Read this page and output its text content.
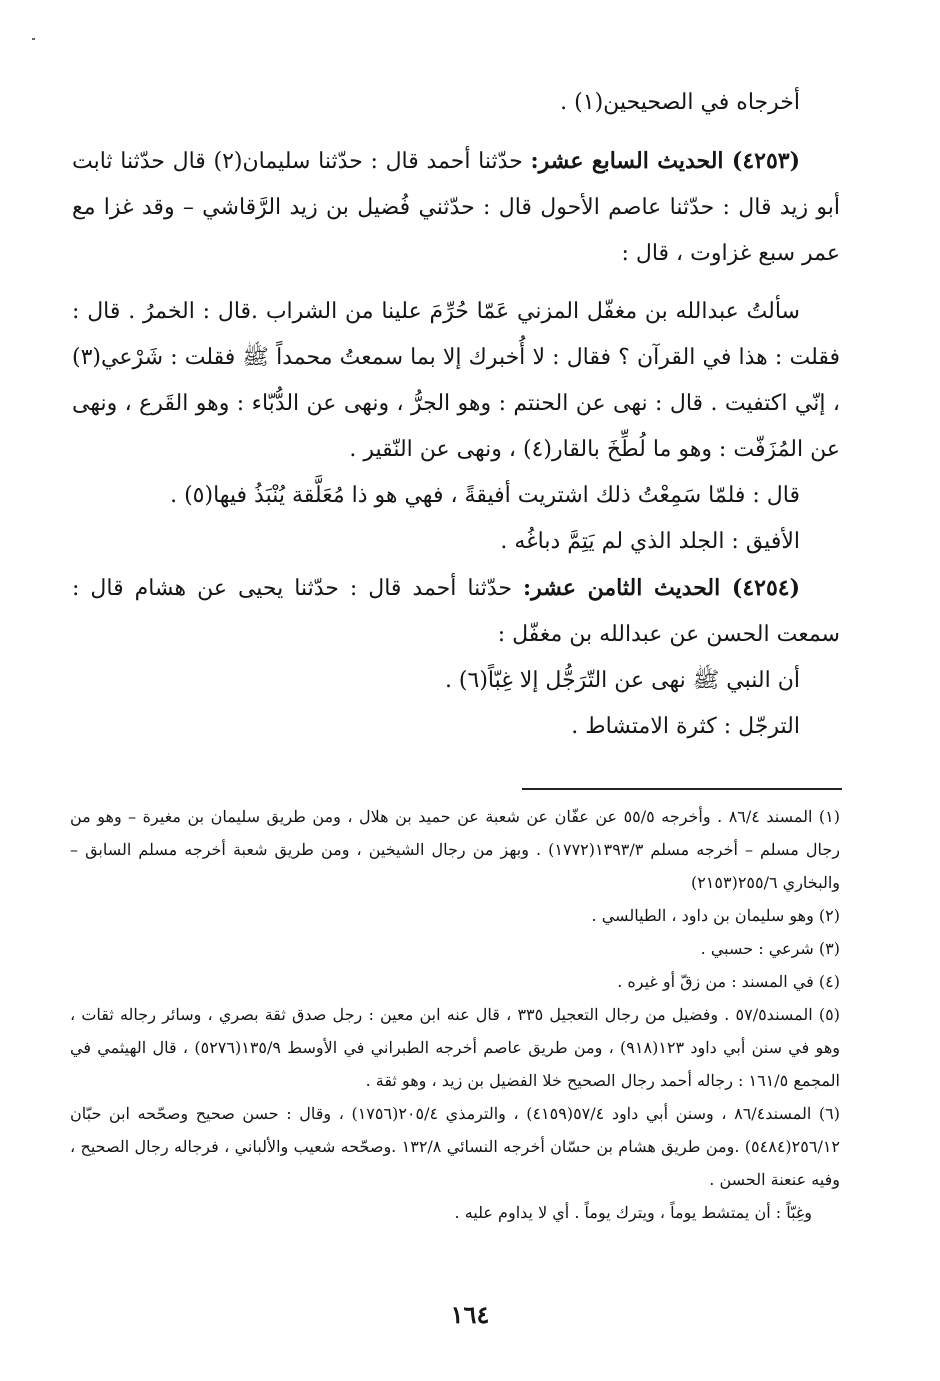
أخرجاه في الصحيحين(١) .

(٤٢٥٣) الحديث السابع عشر: حدّثنا أحمد قال : حدّثنا سليمان(٢) قال حدّثنا ثابت أبو زيد قال : حدّثنا عاصم الأحول قال : حدّثني فُضيل بن زيد الرَّقاشي – وقد غزا مع عمر سبع غزاوت ، قال :

سألتُ عبدالله بن مغفّل المزني عَمّا حُرِّمَ علينا من الشراب .قال : الخمرُ . قال : فقلت : هذا في القرآن ؟ فقال : لا أُخبرك إلا بما سمعتُ محمداً ﷺ فقلت : شَرْعي(٣) ، إنّي اكتفيت . قال : نهى عن الحنتم : وهو الجرُّ ، ونهى عن الدُّبّاء : وهو القَرع ، ونهى عن المُزَفّت : وهو ما لُطِّخَ بالقار(٤) ، ونهى عن النّقير .

قال : فلمّا سَمِعْتُ ذلك اشتريت أفيقةً ، فهي هو ذا مُعَلَّقة يُنْبَذُ فيها(٥) .

الأفيق : الجلد الذي لم يَتِمَّ دباغُه .

(٤٢٥٤) الحديث الثامن عشر: حدّثنا أحمد قال : حدّثنا يحيى عن هشام قال : سمعت الحسن عن عبدالله بن مغفّل :

أن النبي ﷺ نهى عن التّرَجُّل إلا غِبّاً(٦) .

الترجّل : كثرة الامتشاط .

(١) المسند ٨٦/٤ . وأخرجه ٥٥/٥ عن عفّان عن شعبة عن حميد بن هلال ، ومن طريق سليمان بن مغيرة – وهو من رجال مسلم – أخرجه مسلم ١٣٩٣/٣(١٧٧٢) . وبهز من رجال الشيخين ، ومن طريق شعبة أخرجه مسلم السابق – والبخاري ٢٥٥/٦(٢١٥٣)

(٢) وهو سليمان بن داود ، الطيالسي .

(٣) شرعي : حسبي .

(٤) في المسند : من زقّ أو غيره .

(٥) المسند٥٧/٥ . وفضيل من رجال التعجيل ٣٣٥ ، قال عنه ابن معين : رجل صدق ثقة بصري ، وسائر رجاله ثقات ، وهو في سنن أبي داود ١٢٣(٩١٨) ، ومن طريق عاصم أخرجه الطبراني في الأوسط ١٣٥/٩(٥٢٧٦) ، قال الهيثمي في المجمع ١٦١/٥ : رجاله أحمد رجال الصحيح خلا الفضيل بن زيد ، وهو ثقة .

(٦) المسند٨٦/٤ ، وسنن أبي داود ٥٧/٤(٤١٥٩) ، والترمذي ٢٠٥/٤(١٧٥٦) ، وقال : حسن صحيح وصحّحه ابن حبّان ٢٥٦/١٢(٥٤٨٤) .ومن طريق هشام بن حسّان أخرجه النسائي ١٣٢/٨ .وصحّحه شعيب والألباني ، فرجاله رجال الصحيح ، وفيه عنعنة الحسن .

وغِبّاً : أن يمتشط يوماً ، ويترك يوماً . أي لا يداوم عليه .

١٦٤
